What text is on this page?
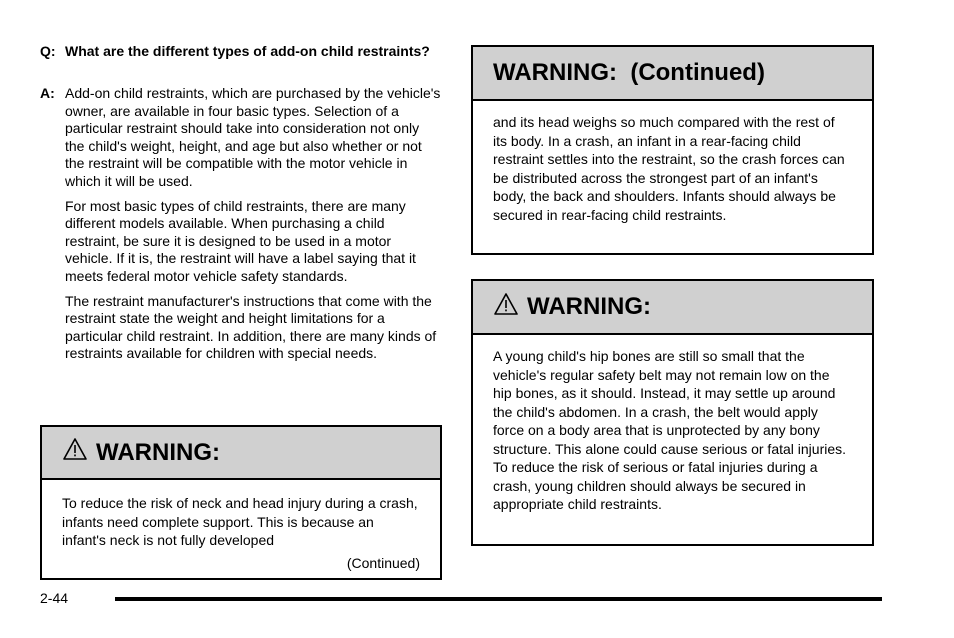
Q: What are the different types of add-on child restraints?
A: Add-on child restraints, which are purchased by the vehicle's owner, are available in four basic types. Selection of a particular restraint should take into consideration not only the child's weight, height, and age but also whether or not the restraint will be compatible with the motor vehicle in which it will be used.

For most basic types of child restraints, there are many different models available. When purchasing a child restraint, be sure it is designed to be used in a motor vehicle. If it is, the restraint will have a label saying that it meets federal motor vehicle safety standards.

The restraint manufacturer's instructions that come with the restraint state the weight and height limitations for a particular child restraint. In addition, there are many kinds of restraints available for children with special needs.

WARNING:
To reduce the risk of neck and head injury during a crash, infants need complete support. This is because an infant's neck is not fully developed
(Continued)
WARNING:  (Continued)
and its head weighs so much compared with the rest of its body. In a crash, an infant in a rear-facing child restraint settles into the restraint, so the crash forces can be distributed across the strongest part of an infant's body, the back and shoulders. Infants should always be secured in rear-facing child restraints.
WARNING:
A young child's hip bones are still so small that the vehicle's regular safety belt may not remain low on the hip bones, as it should. Instead, it may settle up around the child's abdomen. In a crash, the belt would apply force on a body area that is unprotected by any bony structure. This alone could cause serious or fatal injuries. To reduce the risk of serious or fatal injuries during a crash, young children should always be secured in appropriate child restraints.
2-44
